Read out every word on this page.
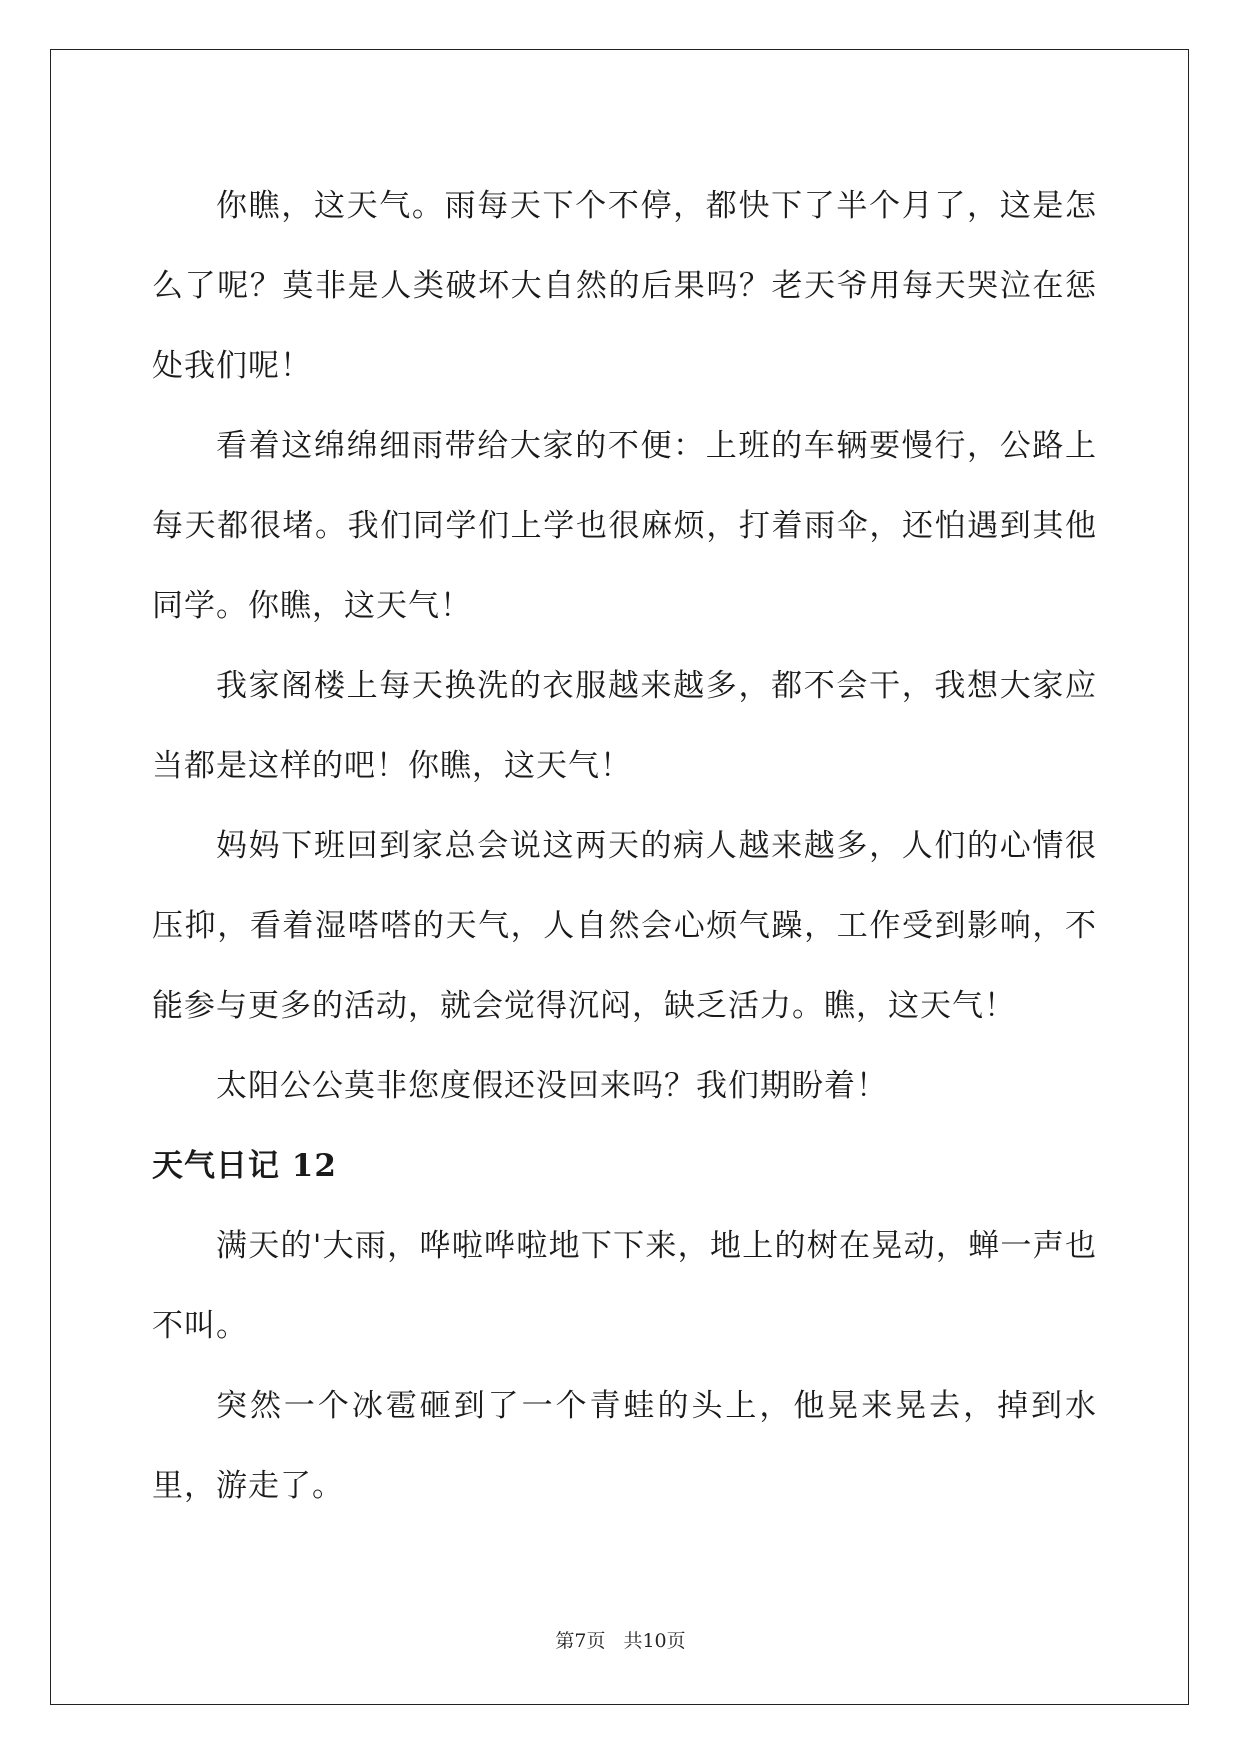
你瞧，这天气。雨每天下个不停，都快下了半个月了，这是怎么了呢？莫非是人类破坏大自然的后果吗？老天爷用每天哭泣在惩处我们呢！

看着这绵绵细雨带给大家的不便：上班的车辆要慢行，公路上每天都很堵。我们同学们上学也很麻烦，打着雨伞，还怕遇到其他同学。你瞧，这天气！

我家阁楼上每天换洗的衣服越来越多，都不会干，我想大家应当都是这样的吧！你瞧，这天气！

妈妈下班回到家总会说这两天的病人越来越多，人们的心情很压抑，看着湿嗒嗒的天气，人自然会心烦气躁，工作受到影响，不能参与更多的活动，就会觉得沉闷，缺乏活力。瞧，这天气！

太阳公公莫非您度假还没回来吗？我们期盼着！

天气日记 12

满天的'大雨，哗啦哗啦地下下来，地上的树在晃动，蝉一声也不叫。

突然一个冰雹砸到了一个青蛙的头上，他晃来晃去，掉到水里，游走了。

第7页 共10页
